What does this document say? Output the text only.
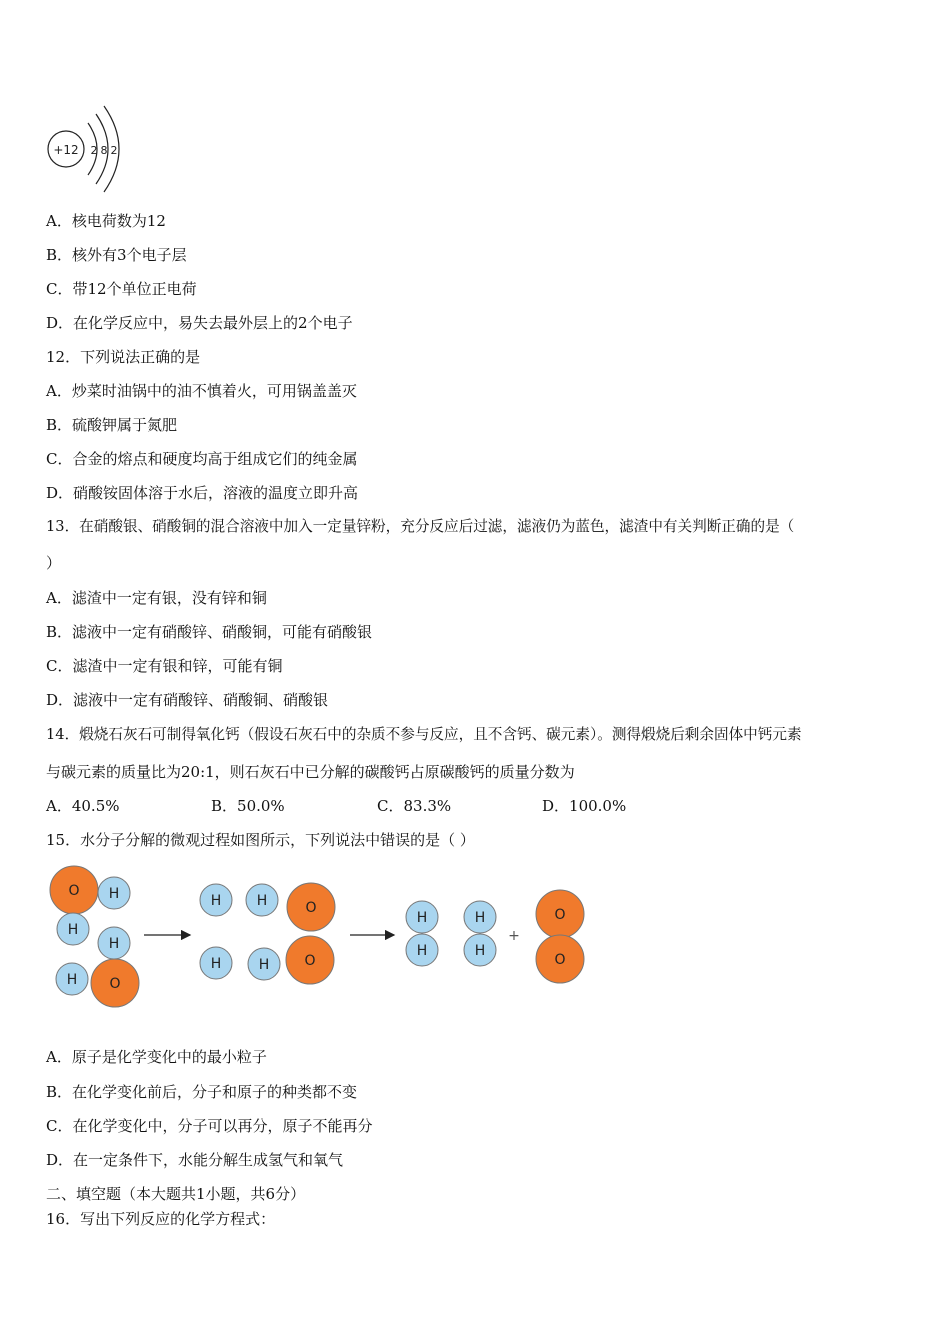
+12 2 8 2
A．核电荷数为12
B．核外有3个电子层
C．带12个单位正电荷
D．在化学反应中，易失去最外层上的2个电子
12．下列说法正确的是
A．炒菜时油锅中的油不慎着火，可用锅盖盖灭
B．硫酸钾属于氮肥
C．合金的熔点和硬度均高于组成它们的纯金属
D．硝酸铵固体溶于水后，溶液的温度立即升高
13．在硝酸银、硝酸铜的混合溶液中加入一定量锌粉，充分反应后过滤，滤液仍为蓝色，滤渣中有关判断正确的是（
）
A．滤渣中一定有银，没有锌和铜
B．滤液中一定有硝酸锌、硝酸铜，可能有硝酸银
C．滤渣中一定有银和锌，可能有铜
D．滤液中一定有硝酸锌、硝酸铜、硝酸银
14．煅烧石灰石可制得氧化钙（假设石灰石中的杂质不参与反应，且不含钙、碳元素）。测得煅烧后剩余固体中钙元素
与碳元素的质量比为20:1，则石灰石中已分解的碳酸钙占原碳酸钙的质量分数为
A．40.5%	B．50.0%	C．83.3%	D．100.0%
15．水分子分解的微观过程如图所示，下列说法中错误的是（ ）
O H
H
H
H O
H	H	O
H	H	O
H
H
H
H
+
O
O
A．原子是化学变化中的最小粒子
B．在化学变化前后，分子和原子的种类都不变
C．在化学变化中，分子可以再分，原子不能再分
D．在一定条件下，水能分解生成氢气和氧气
二、填空题（本大题共1小题，共6分）
16．写出下列反应的化学方程式：
